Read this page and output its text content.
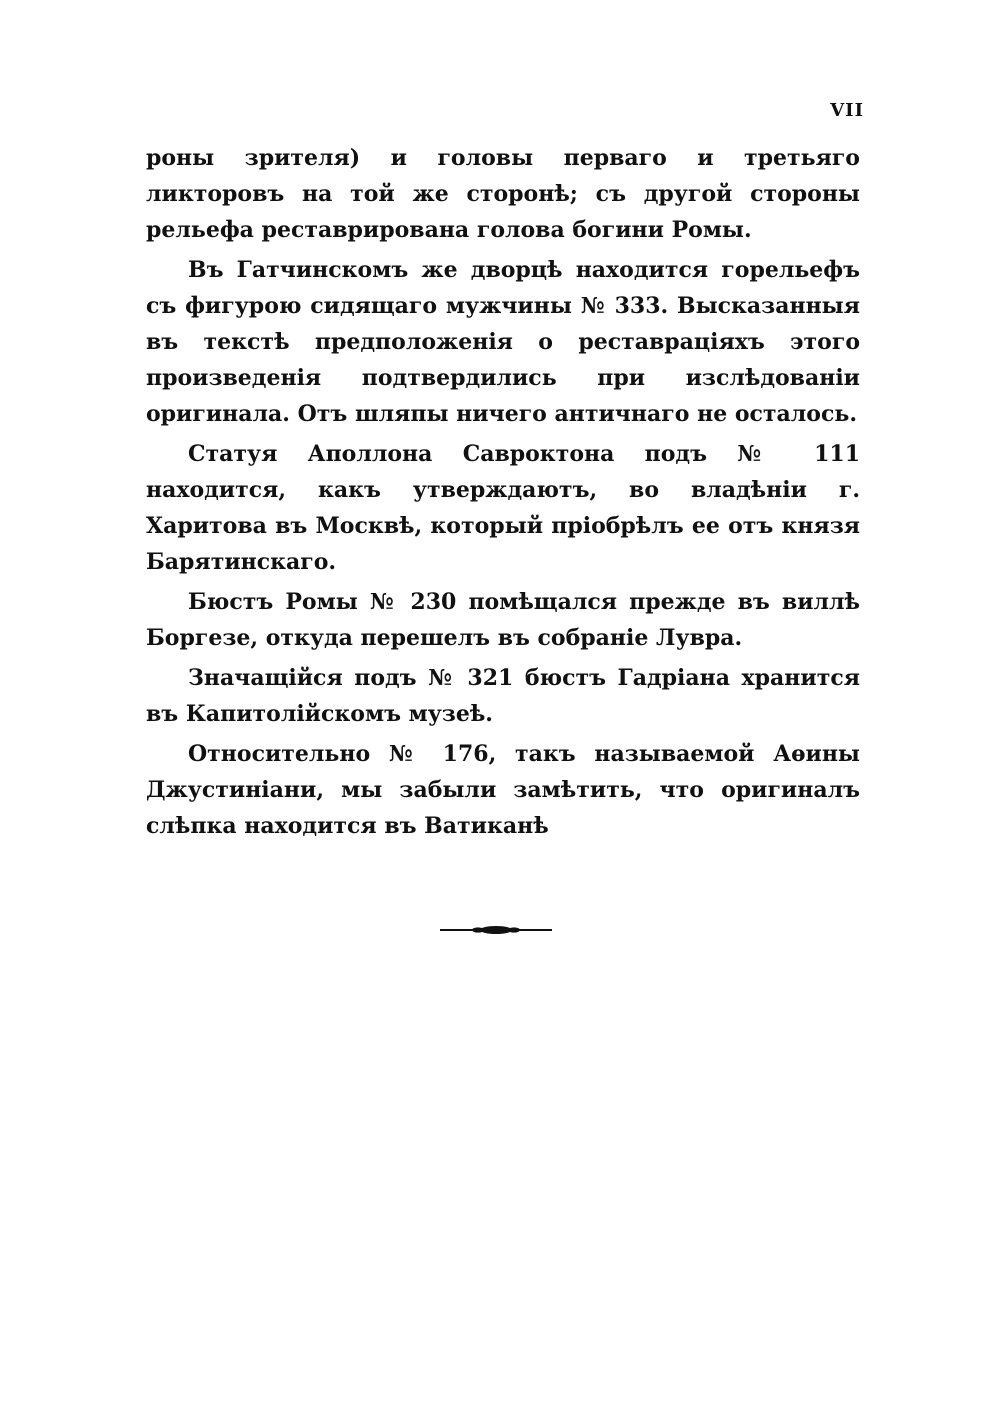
VII

роны зрителя) и головы перваго и третьяго ликторовъ на той же сторонѣ; съ другой стороны рельефа реставрирована голова богини Ромы.

Въ Гатчинскомъ же дворцѣ находится горельефъ съ фигурою сидящаго мужчины № 333. Высказанныя въ текстѣ предположенія о реставраціяхъ этого произведенія подтвердились при изслѣдованіи оригинала. Отъ шляпы ничего античнаго не осталось.

Статуя Аполлона Савроктона подъ № 111 находится, какъ утверждаютъ, во владѣніи г. Харитова въ Москвѣ, который пріобрѣлъ ее отъ князя Барятинскаго.

Бюстъ Ромы № 230 помѣщался прежде въ виллѣ Боргезе, откуда перешелъ въ собраніе Лувра.

Значащійся подъ № 321 бюстъ Гадріана хранится въ Капитолійскомъ музеѣ.

Относительно № 176, такъ называемой Аѳины Джустиніани, мы забыли замѣтить, что оригиналъ слѣпка находится въ Ватиканѣ
